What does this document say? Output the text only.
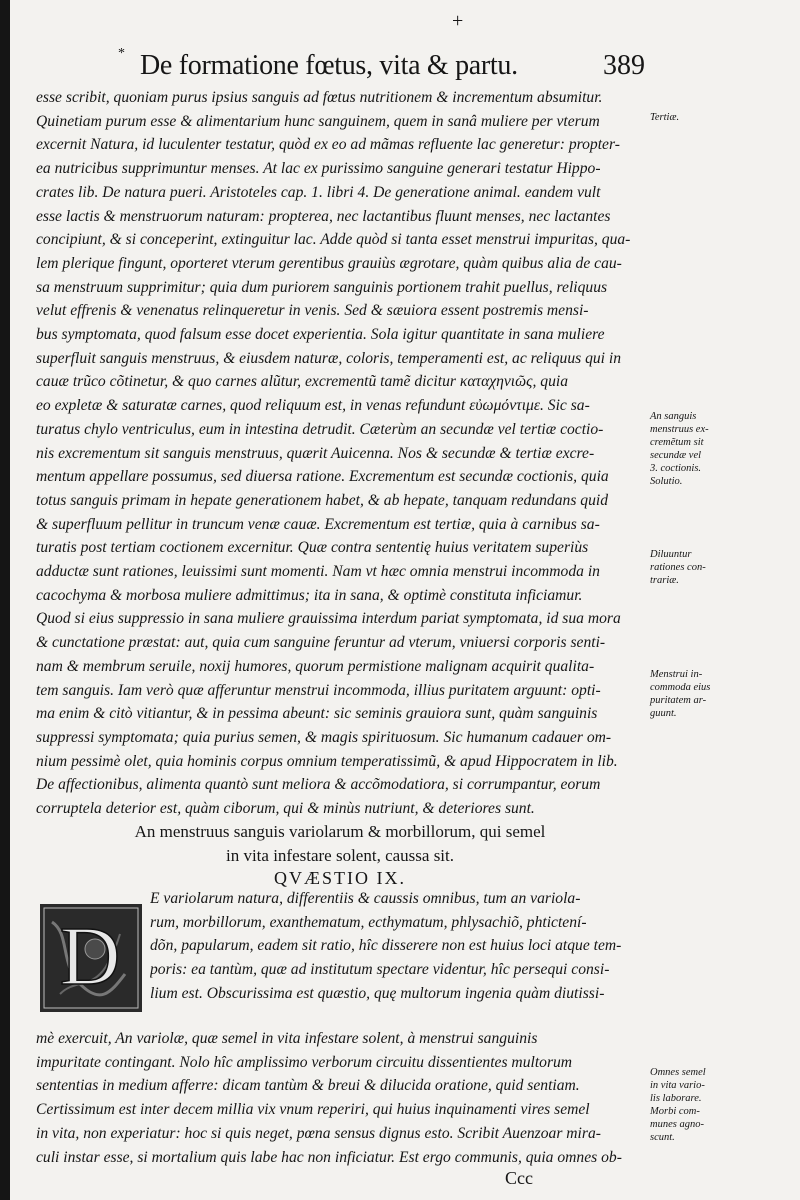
+
* De formatione fœtus, vita & partu.	389
esse scribit, quoniam purus ipsius sanguis ad fœtus nutritionem & incrementum absumitur.
Quinetiam purum esse & alimentarium hunc sanguinem, quem in sanâ muliere per vterum
excernit Natura, id luculenter testatur, quòd ex eo ad mãmas refluente lac generetur: propter-
ea nutricibus supprimuntur menses. At lac ex purissimo sanguine generari testatur Hippo-
crates lib. De natura pueri. Aristoteles cap. 1. libri 4. De generatione animal. eandem vult
esse lactis & menstruorum naturam: propterea, nec lactantibus fluunt menses, nec lactantes
concipiunt, & si conceperint, extinguitur lac. Adde quòd si tanta esset menstrui impuritas, qua-
lem plerique fingunt, oporteret vterum gerentibus grauiùs ægrotare, quàm quibus alia de cau-
sa menstruum supprimitur; quia dum puriorem sanguinis portionem trahit puellus, reliquus
velut effrenis & venenatus relinqueretur in venis. Sed & sæuiora essent postremis mensi-
bus symptomata, quod falsum esse docet experientia. Sola igitur quantitate in sana muliere
superfluit sanguis menstruus, & eiusdem naturæ, coloris, temperamenti est, ac reliquus qui in
cauæ trũco cõtinetur, & quo carnes alũtur, excrementũ tamẽ dicitur καταχηνιῶς, quia
eo expletæ & saturatæ carnes, quod reliquum est, in venas refundunt εὐωμόντιμε. Sic sa-
turatus chylo ventriculus, eum in intestina detrudit. Cæterùm an secundæ vel tertiæ coctio-
nis excrementum sit sanguis menstruus, quærit Auicenna. Nos & secundæ & tertiæ excre-
mentum appellare possumus, sed diuersa ratione. Excrementum est secundæ coctionis, quia
totus sanguis primam in hepate generationem habet, & ab hepate, tanquam redundans quid
& superfluum pellitur in truncum venæ cauæ. Excrementum est tertiæ, quia à carnibus sa-
turatis post tertiam coctionem excernitur. Quæ contra sententię huius veritatem superiùs
adductæ sunt rationes, leuissimi sunt momenti. Nam vt hæc omnia menstrui incommoda in
cacochyma & morbosa muliere admittimus; ita in sana, & optimè constituta inficiamur.
Quod si eius suppressio in sana muliere grauissima interdum pariat symptomata, id sua mora
& cunctatione præstat: aut, quia cum sanguine feruntur ad vterum, vniuersi corporis senti-
nam & membrum seruile, noxij humores, quorum permistione malignam acquirit qualita-
tem sanguis. Iam verò quæ afferuntur menstrui incommoda, illius puritatem arguunt: opti-
ma enim & citò vitiantur, & in pessima abeunt: sic seminis grauiora sunt, quàm sanguinis
suppressi symptomata; quia purius semen, & magis spirituosum. Sic humanum cadauer om-
nium pessimè olet, quia hominis corpus omnium temperatissimũ, & apud Hippocratem in lib.
De affectionibus, alimenta quantò sunt meliora & accõmodatiora, si corrumpantur, eorum
corruptela deterior est, quàm ciborum, qui & minùs nutriunt, & deteriores sunt.
Tertiæ.
An sanguis
menstruus ex-
cremẽtum sit
secundæ vel
3. coctionis.
Solutio.
Diluuntur
rationes con-
trariæ.
Menstrui in-
commoda eius
puritatem ar-
guunt.
Omnes semel
in vita vario-
lis laborare.
Morbi com-
munes agno-
scunt.
An menstruus sanguis variolarum & morbillorum, qui semel
in vita infestare solent, caussa sit.
QVÆSTIO IX.
D
E variolarum natura, differentiis & caussis omnibus, tum an variola-
rum, morbillorum, exanthematum, ecthymatum, phlysachiõ, phtictení-
dõn, papularum, eadem sit ratio, hîc disserere non est huius loci atque tem-
poris: ea tantùm, quæ ad institutum spectare videntur, hîc persequi consi-
lium est. Obscurissima est quæstio, quę multorum ingenia quàm diutissi-
mè exercuit, An variolæ, quæ semel in vita infestare solent, à menstrui sanguinis
impuritate contingant. Nolo hîc amplissimo verborum circuitu dissentientes multorum
sententias in medium afferre: dicam tantùm & breui & dilucida oratione, quid sentiam.
Certissimum est inter decem millia vix vnum reperiri, qui huius inquinamenti vires semel
in vita, non experiatur: hoc si quis neget, pœna sensus dignus esto. Scribit Auenzoar mira-
culi instar esse, si mortalium quis labe hac non inficiatur. Est ergo communis, quia omnes ob-
Ccc
